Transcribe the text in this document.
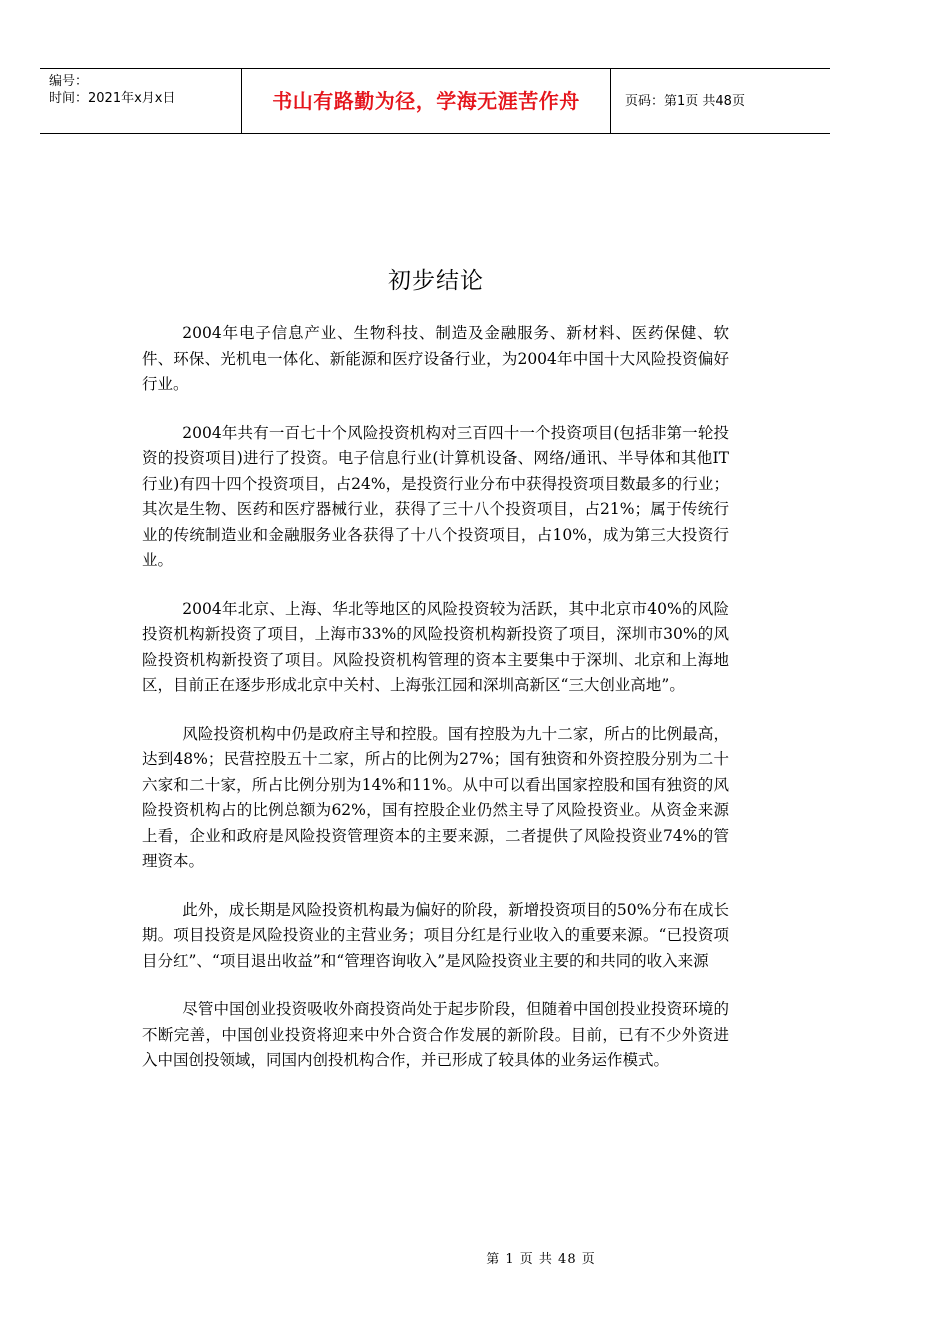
编号：
时间：2021年x月x日	书山有路勤为径，学海无涯苦作舟	页码：第1页 共48页
初步结论

2004年电子信息产业、生物科技、制造及金融服务、新材料、医药保健、软件、环保、光机电一体化、新能源和医疗设备行业，为2004年中国十大风险投资偏好行业。

2004年共有一百七十个风险投资机构对三百四十一个投资项目(包括非第一轮投资的投资项目)进行了投资。电子信息行业(计算机设备、网络/通讯、半导体和其他IT行业)有四十四个投资项目，占24%，是投资行业分布中获得投资项目数最多的行业；其次是生物、医药和医疗器械行业，获得了三十八个投资项目，占21%；属于传统行业的传统制造业和金融服务业各获得了十八个投资项目，占10%，成为第三大投资行业。

2004年北京、上海、华北等地区的风险投资较为活跃，其中北京市40%的风险投资机构新投资了项目，上海市33%的风险投资机构新投资了项目，深圳市30%的风险投资机构新投资了项目。风险投资机构管理的资本主要集中于深圳、北京和上海地区，目前正在逐步形成北京中关村、上海张江园和深圳高新区“三大创业高地”。

风险投资机构中仍是政府主导和控股。国有控股为九十二家，所占的比例最高，达到48%；民营控股五十二家，所占的比例为27%；国有独资和外资控股分别为二十六家和二十家，所占比例分别为14%和11%。从中可以看出国家控股和国有独资的风险投资机构占的比例总额为62%，国有控股企业仍然主导了风险投资业。从资金来源上看，企业和政府是风险投资管理资本的主要来源，二者提供了风险投资业74%的管理资本。

此外，成长期是风险投资机构最为偏好的阶段，新增投资项目的50%分布在成长期。项目投资是风险投资业的主营业务；项目分红是行业收入的重要来源。“已投资项目分红”、“项目退出收益”和“管理咨询收入”是风险投资业主要的和共同的收入来源

尽管中国创业投资吸收外商投资尚处于起步阶段，但随着中国创投业投资环境的不断完善，中国创业投资将迎来中外合资合作发展的新阶段。目前，已有不少外资进入中国创投领域，同国内创投机构合作，并已形成了较具体的业务运作模式。

第 1 页 共 48 页
